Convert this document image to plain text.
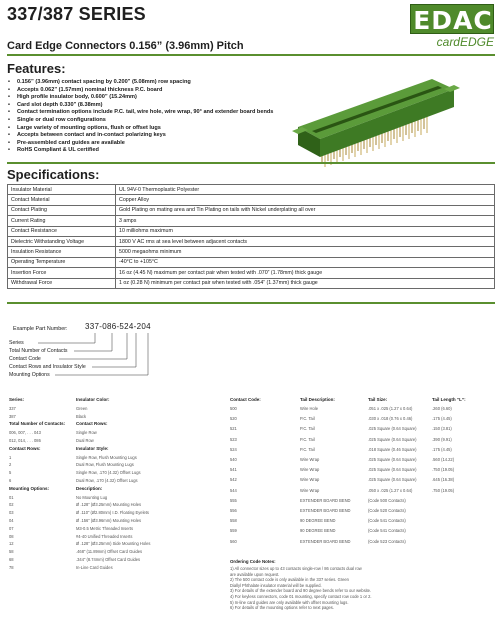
337/387 SERIES	EDAC
cardEDGE
Card Edge Connectors 0.156” (3.96mm) Pitch
Features:
• 0.156” (3.96mm) contact spacing by 0.200” (5.08mm) row spacing
• Accepts 0.062” (1.57mm) nominal thickness P.C. board
• High profile insulator body, 0.600” (15.24mm)
• Card slot depth 0.330” (8.38mm)
• Contact termination options include P.C. tail, wire hole, wire wrap, 90° and extender board bends
• Single or dual row configurations
• Large variety of mounting options, flush or offset lugs
• Accepts between contact and in-contact polarizing keys
• Pre-assembled card guides are available
• RoHS Compliant & UL certified
Specifications:
Insulator Material	UL 94V-0 Thermoplastic Polyester
Contact Material	Copper Alloy
Contact Plating	Gold Plating on mating area and Tin Plating on tails with Nickel underplating all over
Current Rating	3 amps
Contact Resistance	10 milliohms maximum
Dielectric Withstanding Voltage	1800 V AC rms at sea level between adjacent contacts
Insulation Resistance	5000 megaohms minimum
Operating Temperature	-40°C to +105°C
Insertion Force	16 oz (4.45 N) maximum per contact pair when tested with .070” (1.78mm) thick gauge
Withdrawal Force	1 oz (0.28 N) minimum per contact pair when tested with .054” (1.37mm) thick gauge
Example Part Number: 337-086-524-204
Series
Total Number of Contacts
Contact Code
Contact Rows and Insulator Style
Mounting Options
Series:	Insulator Color:
337	Green
387	Black
Total Number of Contacts: Contact Rows:
006, 007, . . . 043	Single Row
012, 014, . . . 086	Dual Row
Contact Rows:	Insulator Style:
1	Single Row, Flush Mounting Lugs
2	Dual Row, Flush Mounting Lugs
5	Single Row, .170 (4.32) Offset Lugs
6	Dual Row, .170 (4.32) Offset Lugs
Mounting Options:	Description:
01	No Mounting Lug
02	Ø .128” (Ø3.25mm) Mounting Holes
03	Ø .110” (Ø2.80mm) I.D. Floating Eyelets
04	Ø .156” (Ø3.96mm) Mounting Holes
07	M3-0.5 Metric Threaded Inserts
08	#4-40 Unified Threaded Inserts
12	Ø .128” (Ø3.25mm) Side Mounting Holes
58	.468” (11.89mm) Offset Card Guides
68	.344” (8.74mm) Offset Card Guides
78	In-Line Card Guides
Contact Code:	Tail Description:	Tail Size:	Tail Length “L”:
500	Wire Hole	.051 x .025 (1.27 x 0.64)	.260 (6.60)
520	P.C. Tail	.030 x .018 (0.76 x 0.46)	.175 (4.45)
521	P.C. Tail	.025 Square (0.64 Square)	.150 (3.81)
523	P.C. Tail	.025 Square (0.64 Square)	.390 (9.91)
524	P.C. Tail	.018 Square (0.46 Square)	.175 (4.45)
540	Wire Wrap	.025 Square (0.64 Square)	.560 (14.22)
541	Wire Wrap	.025 Square (0.64 Square)	.750 (19.05)
542	Wire Wrap	.025 Square (0.64 Square)	.645 (16.38)
544	Wire Wrap	.050 x .025 (1.27 x 0.64)	.750 (19.05)
555	EXTENDER BOARD BEND	(Code 500 Contacts)
556	EXTENDER BOARD BEND	(Code 520 Contacts)
558	90 DEGREE BEND	(Code 541 Contacts)
559	90 DEGREE BEND	(Code 541 Contacts)
560	EXTENDER BOARD BEND	(Code 523 Contacts)
Ordering Code Notes:
1) All connector sizes up to 43 contacts single-row / 86 contacts dual row
are available upon request.
2) The 500 contact code is only available in the 337 series. Green
Diallyl Phthalate insulator material will be supplied.
3) For details of the extender board and 90 degree bends refer to our website.
4) For keyless connectors, code 01 mounting, specify contact row code 1 or 2.
5) In-line card guides are only available with offset mounting lugs.
6) For details of the mounting options refer to next pages.
